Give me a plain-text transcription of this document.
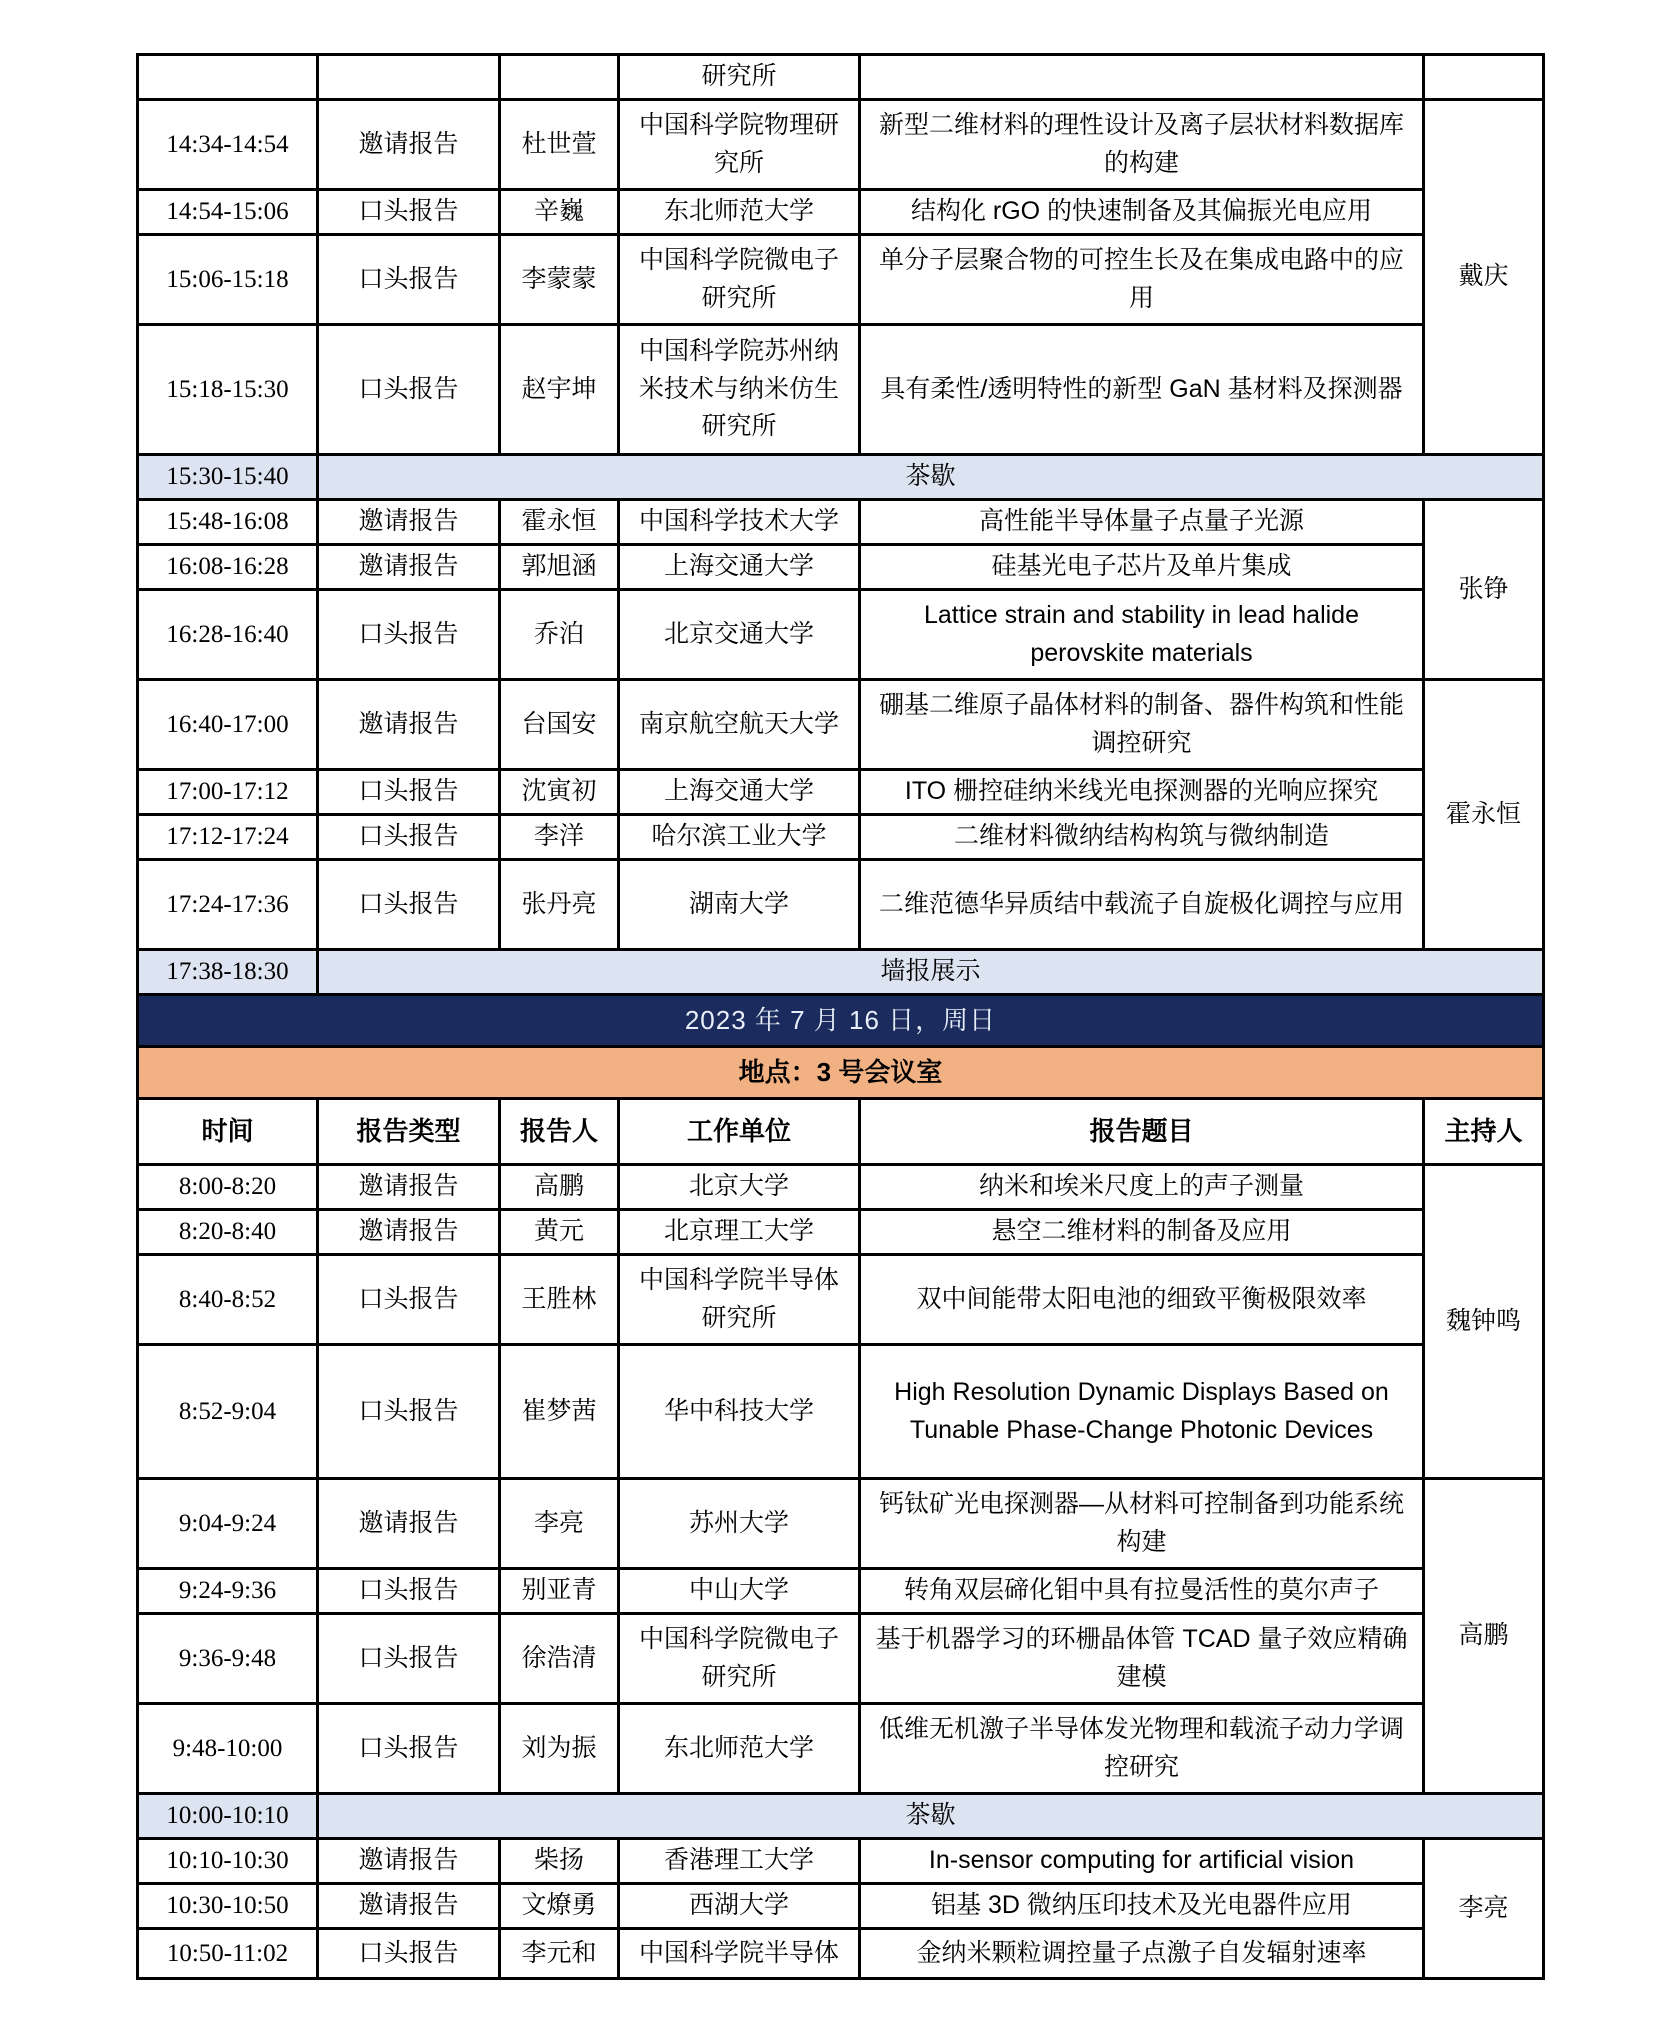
			研究所		
14:34-14:54	邀请报告	杜世萱	中国科学院物理研究所	新型二维材料的理性设计及离子层状材料数据库的构建	戴庆
14:54-15:06	口头报告	辛巍	东北师范大学	结构化 rGO 的快速制备及其偏振光电应用	
15:06-15:18	口头报告	李蒙蒙	中国科学院微电子研究所	单分子层聚合物的可控生长及在集成电路中的应用	
15:18-15:30	口头报告	赵宇坤	中国科学院苏州纳米技术与纳米仿生研究所	具有柔性/透明特性的新型 GaN 基材料及探测器	
15:30-15:40	茶歇				
15:48-16:08	邀请报告	霍永恒	中国科学技术大学	高性能半导体量子点量子光源	张铮
16:08-16:28	邀请报告	郭旭涵	上海交通大学	硅基光电子芯片及单片集成	
16:28-16:40	口头报告	乔泊	北京交通大学	Lattice strain and stability in lead halide perovskite materials	
16:40-17:00	邀请报告	台国安	南京航空航天大学	硼基二维原子晶体材料的制备、器件构筑和性能调控研究	霍永恒
17:00-17:12	口头报告	沈寅初	上海交通大学	ITO 栅控硅纳米线光电探测器的光响应探究	
17:12-17:24	口头报告	李洋	哈尔滨工业大学	二维材料微纳结构构筑与微纳制造	
17:24-17:36	口头报告	张丹亮	湖南大学	二维范德华异质结中载流子自旋极化调控与应用	
17:38-18:30	墙报展示				
2023 年 7 月 16 日，周日					
地点：3 号会议室					
时间	报告类型	报告人	工作单位	报告题目	主持人
8:00-8:20	邀请报告	高鹏	北京大学	纳米和埃米尺度上的声子测量	魏钟鸣
8:20-8:40	邀请报告	黄元	北京理工大学	悬空二维材料的制备及应用	
8:40-8:52	口头报告	王胜林	中国科学院半导体研究所	双中间能带太阳电池的细致平衡极限效率	
8:52-9:04	口头报告	崔梦茜	华中科技大学	High Resolution Dynamic Displays Based on Tunable Phase-Change Photonic Devices	
9:04-9:24	邀请报告	李亮	苏州大学	钙钛矿光电探测器—从材料可控制备到功能系统构建	高鹏
9:24-9:36	口头报告	别亚青	中山大学	转角双层碲化钼中具有拉曼活性的莫尔声子	
9:36-9:48	口头报告	徐浩清	中国科学院微电子研究所	基于机器学习的环栅晶体管 TCAD 量子效应精确建模	
9:48-10:00	口头报告	刘为振	东北师范大学	低维无机激子半导体发光物理和载流子动力学调控研究	
10:00-10:10	茶歇				
10:10-10:30	邀请报告	柴扬	香港理工大学	In-sensor computing for artificial vision	李亮
10:30-10:50	邀请报告	文燎勇	西湖大学	铝基 3D 微纳压印技术及光电器件应用	
10:50-11:02	口头报告	李元和	中国科学院半导体	金纳米颗粒调控量子点激子自发辐射速率	
